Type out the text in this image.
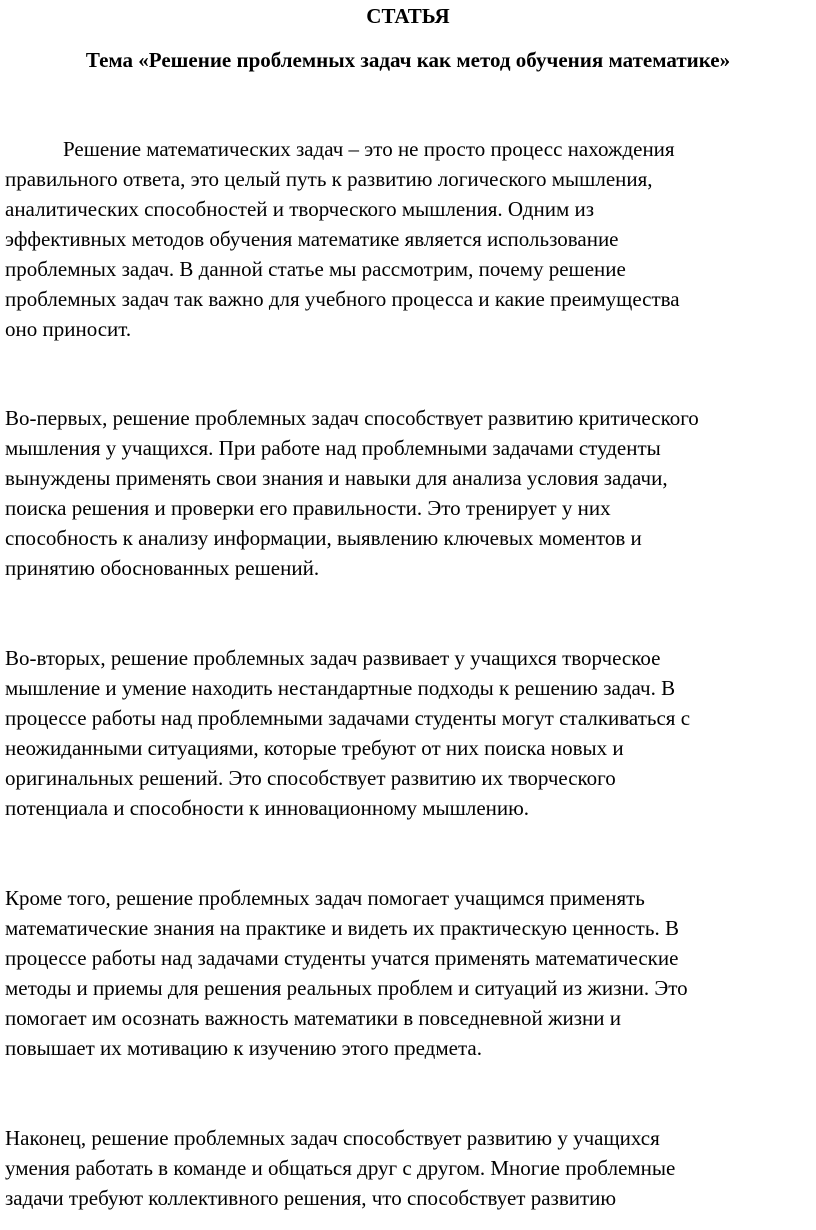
СТАТЬЯ
Тема «Решение проблемных задач как метод обучения математике»

Решение математических задач – это не просто процесс нахождения
правильного ответа, это целый путь к развитию логического мышления,
аналитических способностей и творческого мышления. Одним из
эффективных методов обучения математике является использование
проблемных задач. В данной статье мы рассмотрим, почему решение
проблемных задач так важно для учебного процесса и какие преимущества
оно приносит.

Во-первых, решение проблемных задач способствует развитию критического
мышления у учащихся. При работе над проблемными задачами студенты
вынуждены применять свои знания и навыки для анализа условия задачи,
поиска решения и проверки его правильности. Это тренирует у них
способность к анализу информации, выявлению ключевых моментов и
принятию обоснованных решений.

Во-вторых, решение проблемных задач развивает у учащихся творческое
мышление и умение находить нестандартные подходы к решению задач. В
процессе работы над проблемными задачами студенты могут сталкиваться с
неожиданными ситуациями, которые требуют от них поиска новых и
оригинальных решений. Это способствует развитию их творческого
потенциала и способности к инновационному мышлению.

Кроме того, решение проблемных задач помогает учащимся применять
математические знания на практике и видеть их практическую ценность. В
процессе работы над задачами студенты учатся применять математические
методы и приемы для решения реальных проблем и ситуаций из жизни. Это
помогает им осознать важность математики в повседневной жизни и
повышает их мотивацию к изучению этого предмета.

Наконец, решение проблемных задач способствует развитию у учащихся
умения работать в команде и общаться друг с другом. Многие проблемные
задачи требуют коллективного решения, что способствует развитию
